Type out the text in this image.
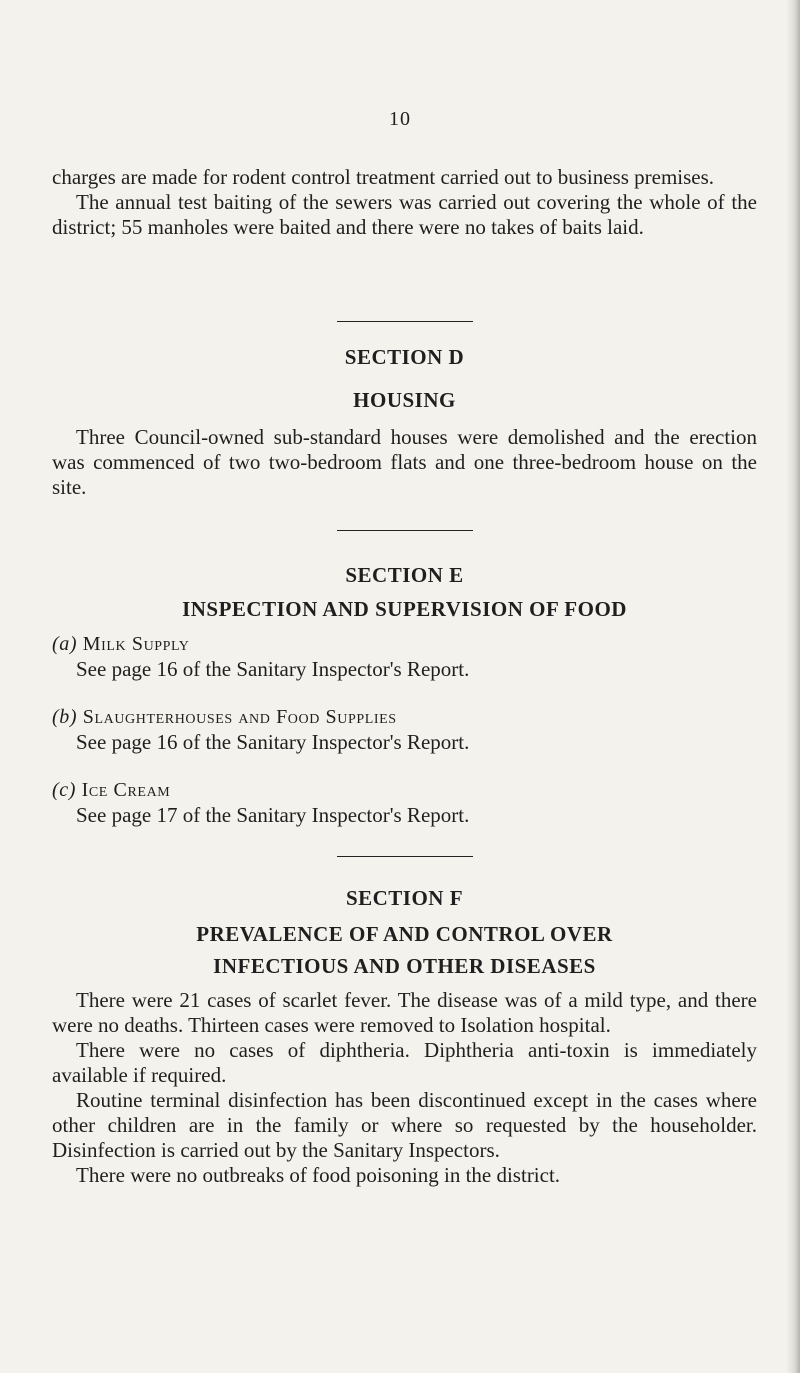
10

charges are made for rodent control treatment carried out to business premises.

The annual test baiting of the sewers was carried out covering the whole of the district; 55 manholes were baited and there were no takes of baits laid.

SECTION D

HOUSING

Three Council-owned sub-standard houses were demolished and the erection was commenced of two two-bedroom flats and one three-bedroom house on the site.

SECTION E

INSPECTION AND SUPERVISION OF FOOD

(a) Milk Supply

See page 16 of the Sanitary Inspector's Report.

(b) Slaughterhouses and Food Supplies

See page 16 of the Sanitary Inspector's Report.

(c) Ice Cream

See page 17 of the Sanitary Inspector's Report.

SECTION F

PREVALENCE OF AND CONTROL OVER

INFECTIOUS AND OTHER DISEASES

There were 21 cases of scarlet fever. The disease was of a mild type, and there were no deaths. Thirteen cases were removed to Isolation hospital.

There were no cases of diphtheria. Diphtheria anti-toxin is immediately available if required.

Routine terminal disinfection has been discontinued except in the cases where other children are in the family or where so requested by the householder. Disinfection is carried out by the Sanitary Inspectors.

There were no outbreaks of food poisoning in the district.
